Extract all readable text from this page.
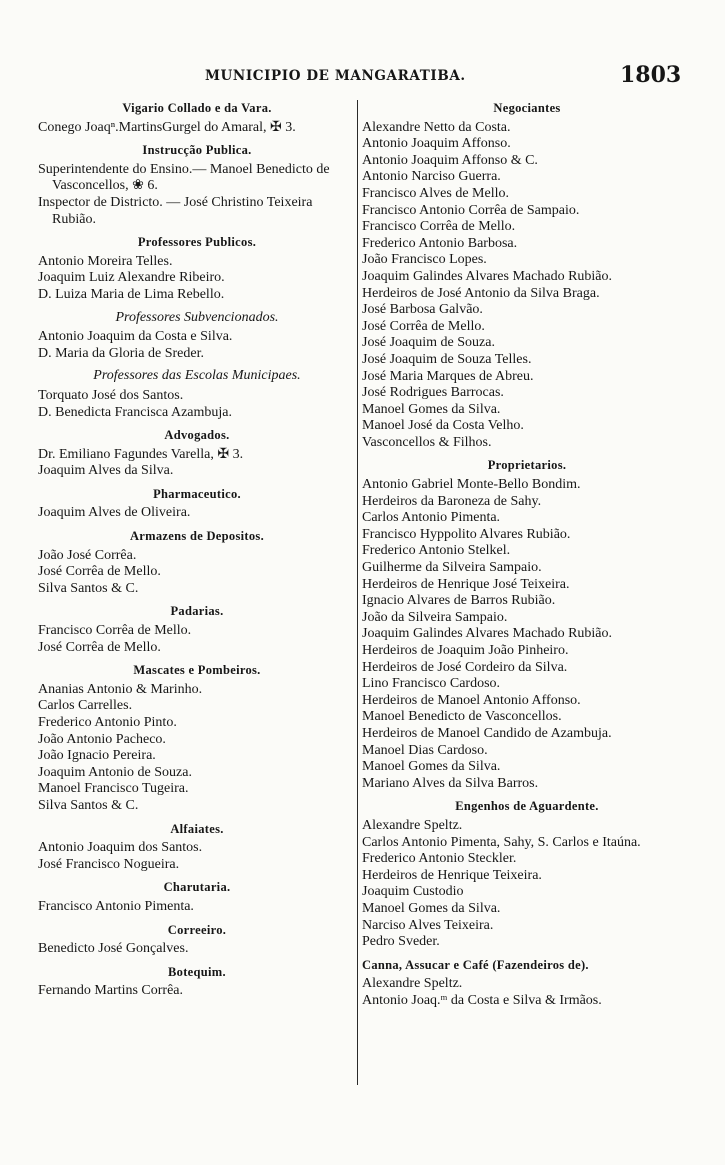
MUNICIPIO DE MANGARATIBA.	1803
Vigario Collado e da Vara.
Conego Joaqⁿ.MartinsGurgel do Amaral, ✠ 3.
Instrucção Publica.
Superintendente do Ensino.— Manoel Benedicto de Vasconcellos, ❀ 6.
Inspector de Districto. — José Christino Teixeira Rubião.
Professores Publicos.
Antonio Moreira Telles.
Joaquim Luiz Alexandre Ribeiro.
D. Luiza Maria de Lima Rebello.
Professores Subvencionados.
Antonio Joaquim da Costa e Silva.
D. Maria da Gloria de Sreder.
Professores das Escolas Municipaes.
Torquato José dos Santos.
D. Benedicta Francisca Azambuja.
Advogados.
Dr. Emiliano Fagundes Varella, ✠ 3.
Joaquim Alves da Silva.
Pharmaceutico.
Joaquim Alves de Oliveira.
Armazens de Depositos.
João José Corrêa.
José Corrêa de Mello.
Silva Santos & C.
Padarias.
Francisco Corrêa de Mello.
José Corrêa de Mello.
Mascates e Pombeiros.
Ananias Antonio & Marinho.
Carlos Carrelles.
Frederico Antonio Pinto.
João Antonio Pacheco.
João Ignacio Pereira.
Joaquim Antonio de Souza.
Manoel Francisco Tugeira.
Silva Santos & C.
Alfaiates.
Antonio Joaquim dos Santos.
José Francisco Nogueira.
Charutaria.
Francisco Antonio Pimenta.
Correeiro.
Benedicto José Gonçalves.
Botequim.
Fernando Martins Corrêa.
Negociantes
Alexandre Netto da Costa.
Antonio Joaquim Affonso.
Antonio Joaquim Affonso & C.
Antonio Narciso Guerra.
Francisco Alves de Mello.
Francisco Antonio Corrêa de Sampaio.
Francisco Corrêa de Mello.
Frederico Antonio Barbosa.
João Francisco Lopes.
Joaquim Galindes Alvares Machado Rubião.
Herdeiros de José Antonio da Silva Braga.
José Barbosa Galvão.
José Corrêa de Mello.
José Joaquim de Souza.
José Joaquim de Souza Telles.
José Maria Marques de Abreu.
José Rodrigues Barrocas.
Manoel Gomes da Silva.
Manoel José da Costa Velho.
Vasconcellos & Filhos.
Proprietarios.
Antonio Gabriel Monte-Bello Bondim.
Herdeiros da Baroneza de Sahy.
Carlos Antonio Pimenta.
Francisco Hyppolito Alvares Rubião.
Frederico Antonio Stelkel.
Guilherme da Silveira Sampaio.
Herdeiros de Henrique José Teixeira.
Ignacio Alvares de Barros Rubião.
João da Silveira Sampaio.
Joaquim Galindes Alvares Machado Rubião.
Herdeiros de Joaquim João Pinheiro.
Herdeiros de José Cordeiro da Silva.
Lino Francisco Cardoso.
Herdeiros de Manoel Antonio Affonso.
Manoel Benedicto de Vasconcellos.
Herdeiros de Manoel Candido de Azambuja.
Manoel Dias Cardoso.
Manoel Gomes da Silva.
Mariano Alves da Silva Barros.
Engenhos de Aguardente.
Alexandre Speltz.
Carlos Antonio Pimenta, Sahy, S. Carlos e Itaúna.
Frederico Antonio Steckler.
Herdeiros de Henrique Teixeira.
Joaquim Custodio
Manoel Gomes da Silva.
Narciso Alves Teixeira.
Pedro Sveder.
Canna, Assucar e Café (Fazendeiros de).
Alexandre Speltz.
Antonio Joaq.ᵐ da Costa e Silva & Irmãos.
